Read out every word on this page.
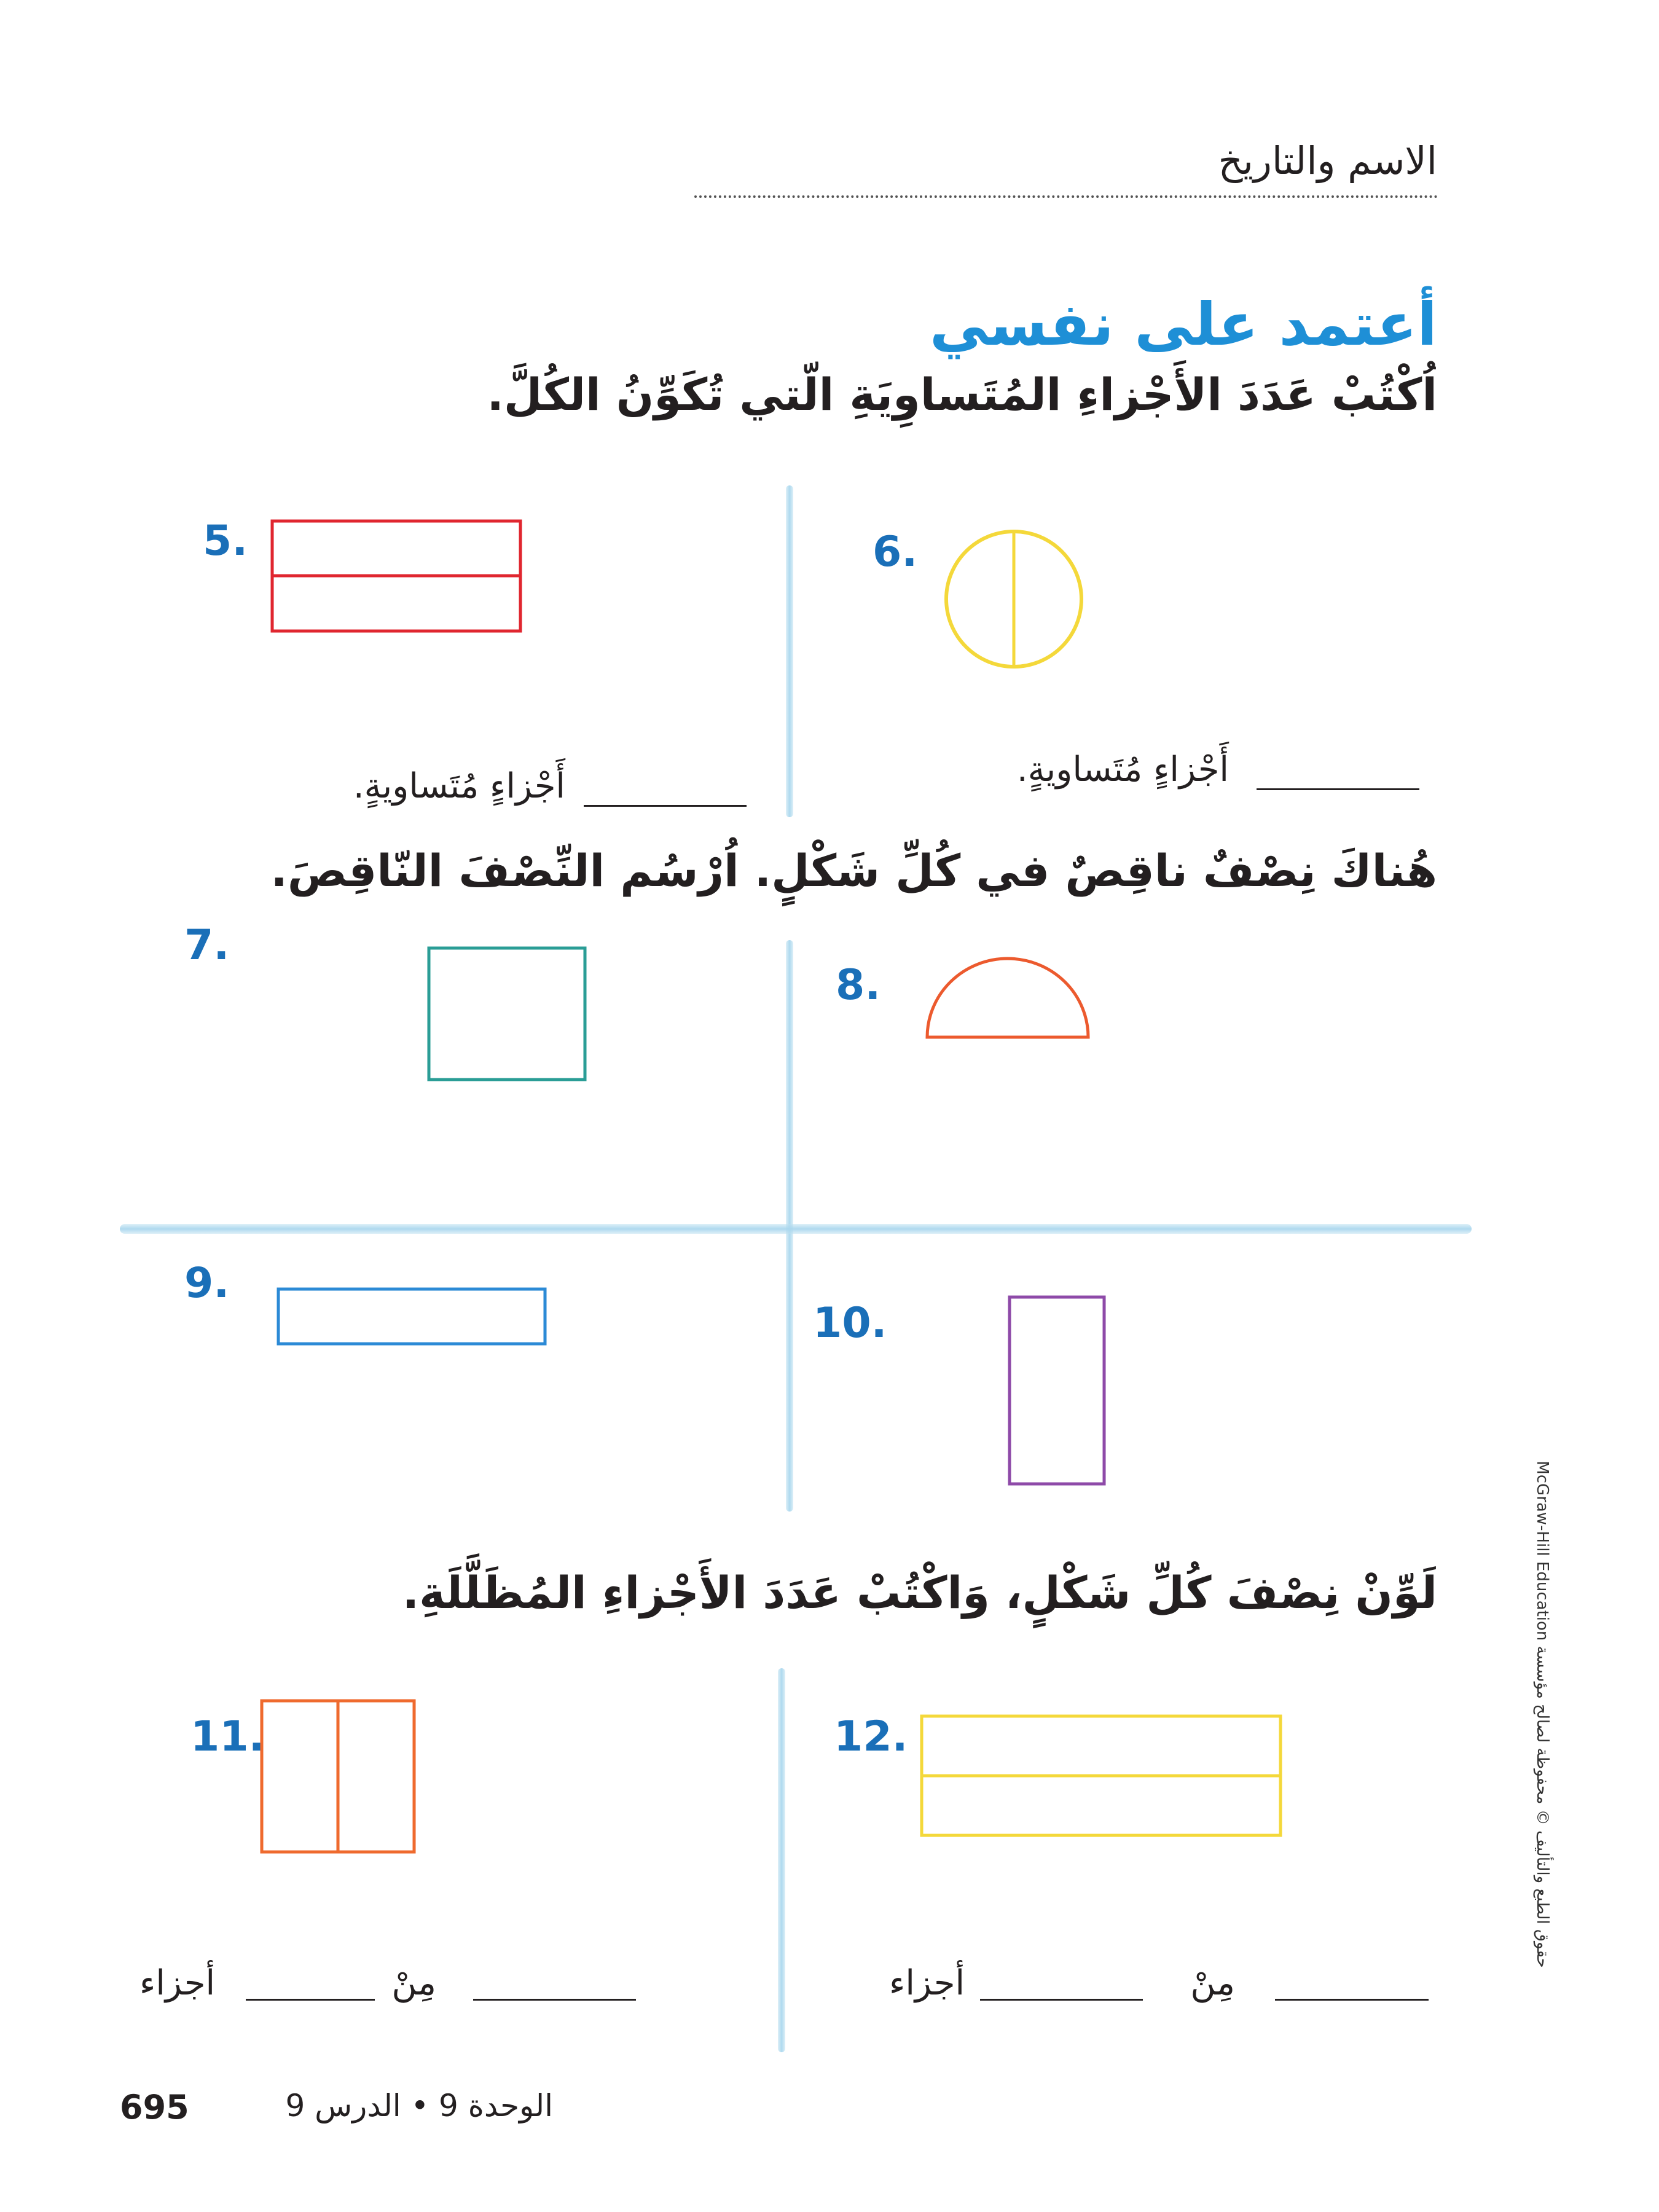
الاسم والتاريخ
أعتمد على نفسي
اُكْتُبْ عَدَدَ الأَجْزاءِ المُتَساوِيَةِ الّتي تُكَوِّنُ الكُلَّ.
5.
أَجْزاءٍ مُتَساويةٍ.
6.
أَجْزاءٍ مُتَساويةٍ.
هُناكَ نِصْفٌ ناقِصٌ في كُلِّ شَكْلٍ. اُرْسُم النِّصْفَ النّاقِصَ.
7.
8.
9.
10.
لَوِّنْ نِصْفَ كُلِّ شَكْلٍ، وَاكْتُبْ عَدَدَ الأَجْزاءِ المُظَلَّلَةِ.
11.
مِنْ
أجزاء
12.
مِنْ
أجزاء
695	الوحدة 9 • الدرس 9
حقوق الطبع والتأليف © محفوظة لصالح مؤسسة McGraw-Hill Education
